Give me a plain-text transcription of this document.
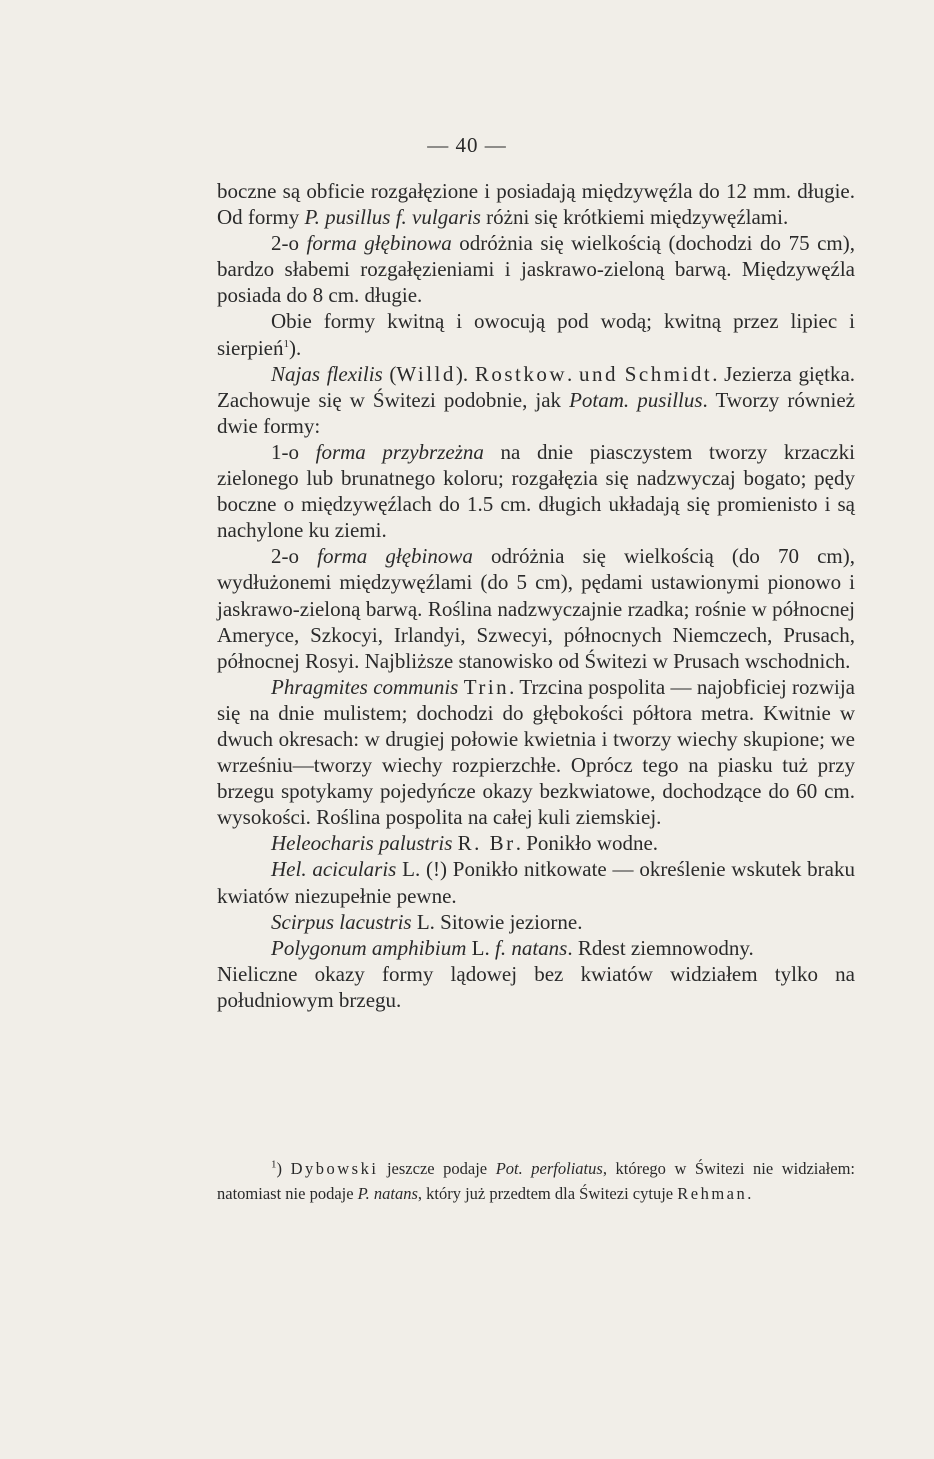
— 40 —

boczne są obficie rozgałęzione i posiadają międzywęźla do 12 mm. długie. Od formy P. pusillus f. vulgaris różni się krótkiemi międzywęźlami.

2-o forma głębinowa odróżnia się wielkością (dochodzi do 75 cm), bardzo słabemi rozgałęzieniami i jaskrawo-zieloną barwą. Międzywęźla posiada do 8 cm. długie.

Obie formy kwitną i owocują pod wodą; kwitną przez lipiec i sierpień$^1$).

Najas flexilis (Willd). Rostkow. und Schmidt. Jezierza giętka. Zachowuje się w Świtezi podobnie, jak Potam. pusillus. Tworzy również dwie formy:

1-o forma przybrzeżna na dnie piasczystem tworzy krzaczki zielonego lub brunatnego koloru; rozgałęzia się nadzwyczaj bogato; pędy boczne o międzywęźlach do 1.5 cm. długich układają się promienisto i są nachylone ku ziemi.

2-o forma głębinowa odróżnia się wielkością (do 70 cm), wydłużonemi międzywęźlami (do 5 cm), pędami ustawionymi pionowo i jaskrawo-zieloną barwą. Roślina nadzwyczajnie rzadka; rośnie w północnej Ameryce, Szkocyi, Irlandyi, Szwecyi, północnych Niemczech, Prusach, północnej Rosyi. Najbliższe stanowisko od Świtezi w Prusach wschodnich.

Phragmites communis Trin. Trzcina pospolita — najobficiej rozwija się na dnie mulistem; dochodzi do głębokości półtora metra. Kwitnie w dwuch okresach: w drugiej połowie kwietnia i tworzy wiechy skupione; we wrześniu—tworzy wiechy rozpierzchłe. Oprócz tego na piasku tuż przy brzegu spotykamy pojedyńcze okazy bezkwiatowe, dochodzące do 60 cm. wysokości. Roślina pospolita na całej kuli ziemskiej.

Heleocharis palustris R. Br. Ponikło wodne.

Hel. acicularis L. (!) Ponikło nitkowate — określenie wskutek braku kwiatów niezupełnie pewne.

Scirpus lacustris L. Sitowie jeziorne.

Polygonum amphibium L. f. natans. Rdest ziemnowodny.

Nieliczne okazy formy lądowej bez kwiatów widziałem tylko na południowym brzegu.

$^1$) Dybowski jeszcze podaje Pot. perfoliatus, którego w Świtezi nie widziałem: natomiast nie podaje P. natans, który już przedtem dla Świtezi cytuje Rehman.
